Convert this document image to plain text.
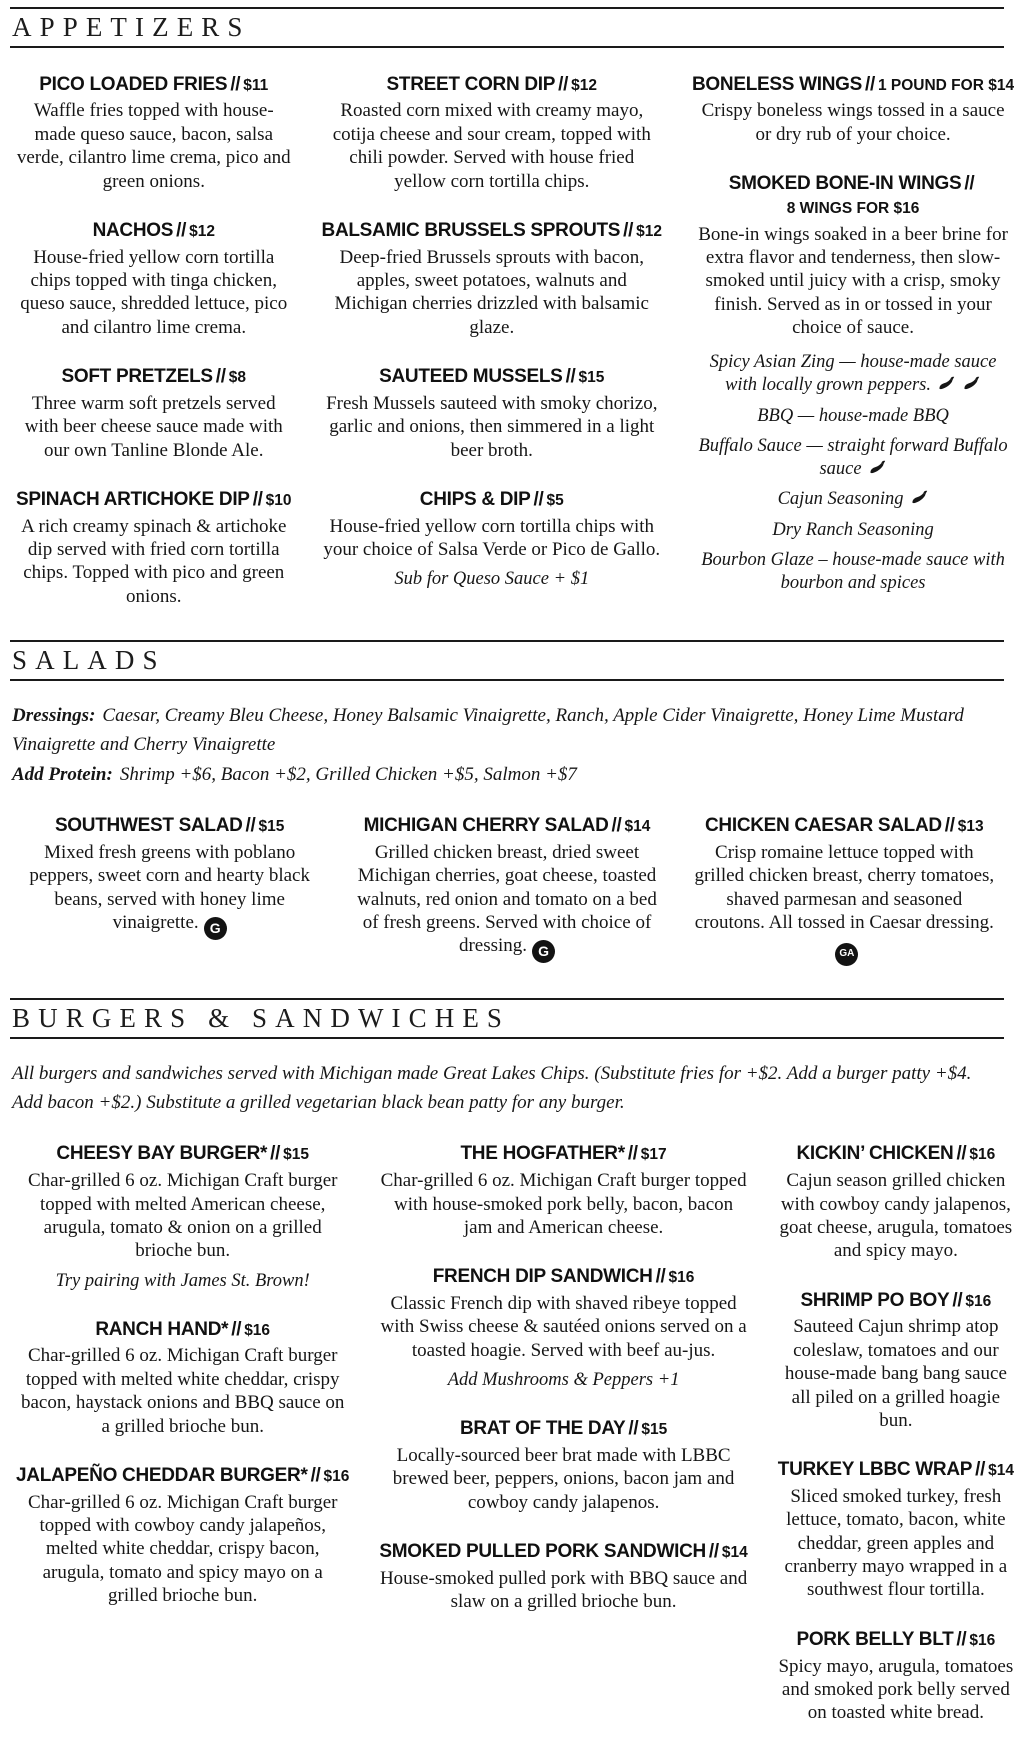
APPETIZERS
PICO LOADED FRIES // $11

Waffle fries topped with house-made queso sauce, bacon, salsa verde, cilantro lime crema, pico and green onions.

NACHOS // $12

House-fried yellow corn tortilla chips topped with tinga chicken, queso sauce, shredded lettuce, pico and cilantro lime crema.

SOFT PRETZELS // $8

Three warm soft pretzels served with beer cheese sauce made with our own Tanline Blonde Ale.

SPINACH ARTICHOKE DIP // $10

A rich creamy spinach & artichoke dip served with fried corn tortilla chips. Topped with pico and green onions.

STREET CORN DIP // $12

Roasted corn mixed with creamy mayo, cotija cheese and sour cream, topped with chili powder. Served with house fried yellow corn tortilla chips.

BALSAMIC BRUSSELS SPROUTS // $12

Deep-fried Brussels sprouts with bacon, apples, sweet potatoes, walnuts and Michigan cherries drizzled with balsamic glaze.

SAUTEED MUSSELS // $15

Fresh Mussels sauteed with smoky chorizo, garlic and onions, then simmered in a light beer broth.

CHIPS & DIP // $5

House-fried yellow corn tortilla chips with your choice of Salsa Verde or Pico de Gallo.

Sub for Queso Sauce + $1

BONELESS WINGS // 1 POUND FOR $14

Crispy boneless wings tossed in a sauce or dry rub of your choice.

SMOKED BONE-IN WINGS //
8 WINGS FOR $16

Bone-in wings soaked in a beer brine for extra flavor and tenderness, then slow-smoked until juicy with a crisp, smoky finish. Served as in or tossed in your choice of sauce.

Spicy Asian Zing — house-made sauce with locally grown peppers.

BBQ — house-made BBQ

Buffalo Sauce — straight forward Buffalo sauce

Cajun Seasoning

Dry Ranch Seasoning

Bourbon Glaze – house-made sauce with bourbon and spices

SALADS

Dressings: Caesar, Creamy Bleu Cheese, Honey Balsamic Vinaigrette, Ranch, Apple Cider Vinaigrette, Honey Lime Mustard Vinaigrette and Cherry Vinaigrette

Add Protein: Shrimp +$6, Bacon +$2, Grilled Chicken +$5, Salmon +$7

SOUTHWEST SALAD // $15

Mixed fresh greens with poblano peppers, sweet corn and hearty black beans, served with honey lime vinaigrette. G

MICHIGAN CHERRY SALAD // $14

Grilled chicken breast, dried sweet Michigan cherries, goat cheese, toasted walnuts, red onion and tomato on a bed of fresh greens. Served with choice of dressing. G

CHICKEN CAESAR SALAD // $13

Crisp romaine lettuce topped with grilled chicken breast, cherry tomatoes, shaved parmesan and seasoned croutons. All tossed in Caesar dressing.GA

BURGERS & SANDWICHES

All burgers and sandwiches served with Michigan made Great Lakes Chips. (Substitute fries for +$2. Add a burger patty +$4. Add bacon +$2.) Substitute a grilled vegetarian black bean patty for any burger.

CHEESY BAY BURGER* // $15

Char-grilled 6 oz. Michigan Craft burger topped with melted American cheese, arugula, tomato & onion on a grilled brioche bun.

Try pairing with James St. Brown!

RANCH HAND* // $16

Char-grilled 6 oz. Michigan Craft burger topped with melted white cheddar, crispy bacon, haystack onions and BBQ sauce on a grilled brioche bun.

JALAPEÑO CHEDDAR BURGER* // $16

Char-grilled 6 oz. Michigan Craft burger topped with cowboy candy jalapeños, melted white cheddar, crispy bacon, arugula, tomato and spicy mayo on a grilled brioche bun.

THE HOGFATHER* // $17

Char-grilled 6 oz. Michigan Craft burger topped with house-smoked pork belly, bacon, bacon jam and American cheese.

FRENCH DIP SANDWICH // $16

Classic French dip with shaved ribeye topped with Swiss cheese & sautéed onions served on a toasted hoagie. Served with beef au-jus.

Add Mushrooms & Peppers +1

BRAT OF THE DAY // $15

Locally-sourced beer brat made with LBBC brewed beer, peppers, onions, bacon jam and cowboy candy jalapenos.

SMOKED PULLED PORK SANDWICH // $14

House-smoked pulled pork with BBQ sauce and slaw on a grilled brioche bun.

KICKIN’ CHICKEN // $16

Cajun season grilled chicken with cowboy candy jalapenos, goat cheese, arugula, tomatoes and spicy mayo.

SHRIMP PO BOY // $16

Sauteed Cajun shrimp atop coleslaw, tomatoes and our house-made bang bang sauce all piled on a grilled hoagie bun.

TURKEY LBBC WRAP // $14

Sliced smoked turkey, fresh lettuce, tomato, bacon, white cheddar, green apples and cranberry mayo wrapped in a southwest flour tortilla.

PORK BELLY BLT // $16

Spicy mayo, arugula, tomatoes and smoked pork belly served on toasted white bread.
